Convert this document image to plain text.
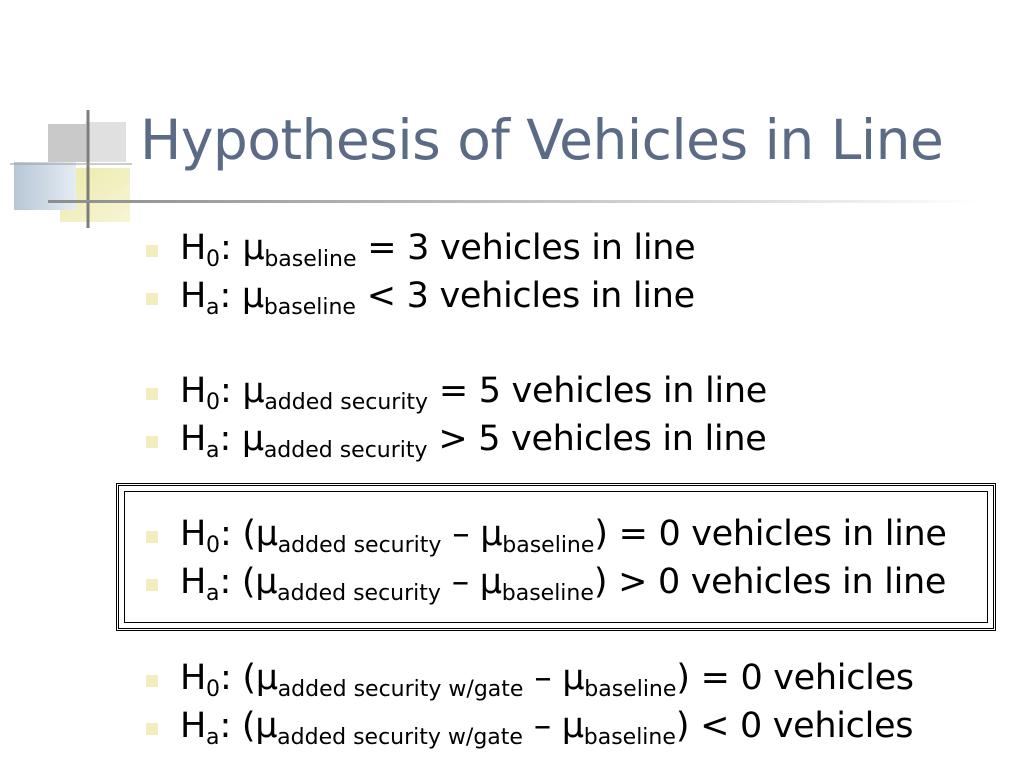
Hypothesis of Vehicles in Line
$H_0$: $\mu_{baseline} = 3$ vehicles in line
$H_a$: $\mu_{baseline} < 3$ vehicles in line
$H_0$: $\mu_{added security} = 5$ vehicles in line
$H_a$: $\mu_{added security} > 5$ vehicles in line
$H_0$: $(\mu_{added security} - \mu_{baseline}) = 0$ vehicles in line
$H_a$: $(\mu_{added security} - \mu_{baseline}) > 0$ vehicles in line
$H_0$: $(\mu_{added security w/gate} - \mu_{baseline}) = 0$ vehicles
$H_a$: $(\mu_{added security w/gate} - \mu_{baseline}) < 0$ vehicles
